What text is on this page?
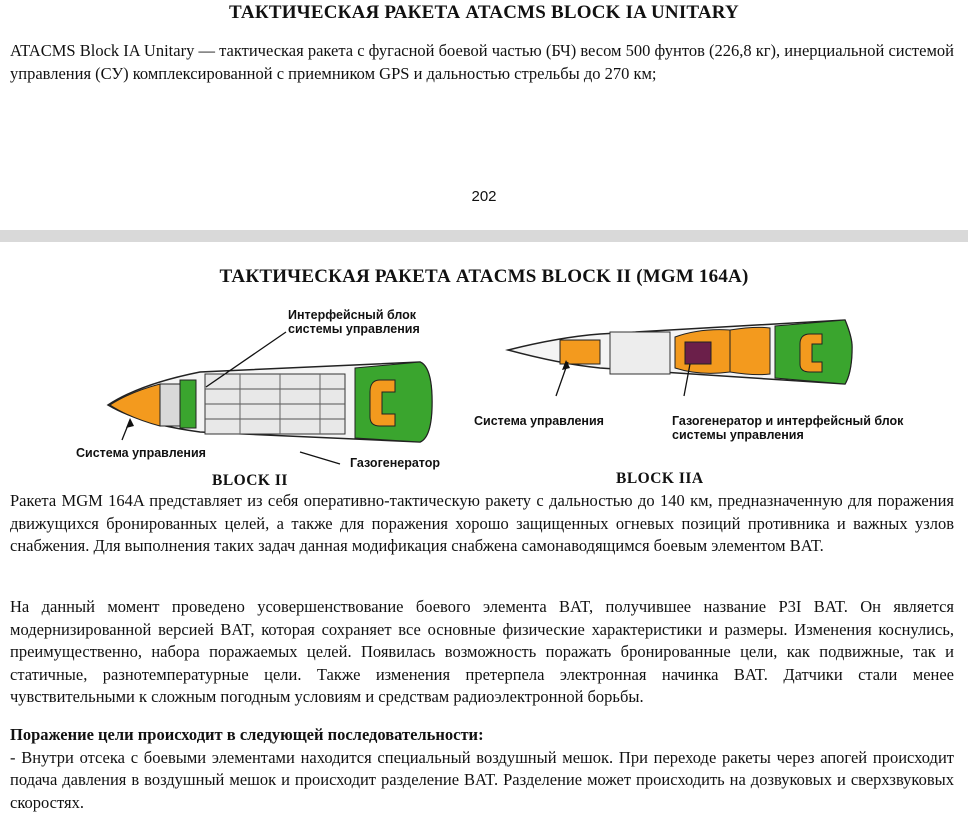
ТАКТИЧЕСКАЯ РАКЕТА ATACMS BLOCK IA UNITARY
ATACMS Block IA Unitary — тактическая ракета с фугасной боевой частью (БЧ) весом 500 фунтов (226,8 кг), инерциальной системой управления (СУ) комплексированной с приемником GPS и дальностью стрельбы до 270 км;
202
ТАКТИЧЕСКАЯ РАКЕТА ATACMS BLOCK II (MGM 164A)
Интерфейсный блок системы управления
Система управления
Газогенератор
BLOCK II
Система управления	Газогенератор и интерфейсный блок системы управления
BLOCK IIA
Ракета MGM 164A представляет из себя оперативно-тактическую ракету с дальностью до 140 км, предназначенную для поражения движущихся бронированных целей, а также для поражения хорошо защищенных огневых позиций противника и важных узлов снабжения. Для выполнения таких задач данная модификация снабжена самонаводящимся боевым элементом BAT.
На данный момент проведено усовершенствование боевого элемента BAT, получившее название P3I BAT. Он является модернизированной версией BAT, которая сохраняет все основные физические характеристики и размеры. Изменения коснулись, преимущественно, набора поражаемых целей. Появилась возможность поражать бронированные цели, как подвижные, так и статичные, разнотемпературные цели. Также изменения претерпела электронная начинка BAT. Датчики стали менее чувствительными к сложным погодным условиям и средствам радиоэлектронной борьбы.
Поражение цели происходит в следующей последовательности:
- Внутри отсека с боевыми элементами находится специальный воздушный мешок. При переходе ракеты через апогей происходит подача давления в воздушный мешок и происходит разделение BAT. Разделение может происходить на дозвуковых и сверхзвуковых скоростях.
